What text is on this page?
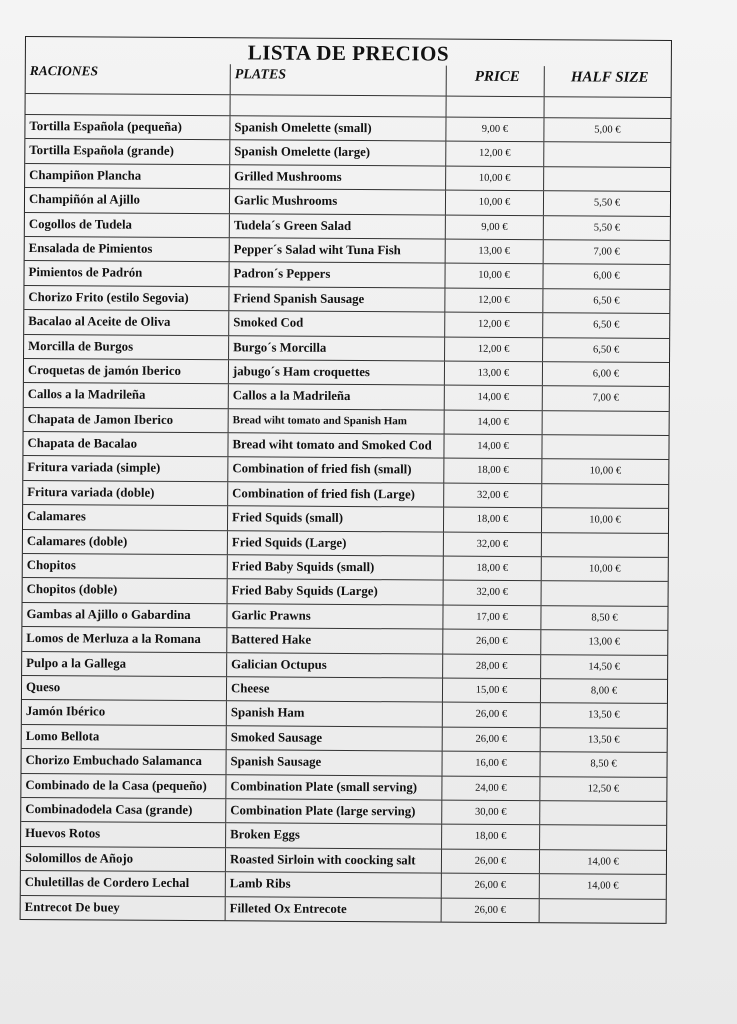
LISTA DE PRECIOS
RACIONES	PLATES	PRICE	HALF SIZE
Tortilla Española (pequeña)	Spanish Omelette (small)	9,00 €	5,00 €
Tortilla Española (grande)	Spanish Omelette (large)	12,00 €
Champiñon Plancha	Grilled Mushrooms	10,00 €
Champiñón al Ajillo	Garlic Mushrooms	10,00 €	5,50 €
Cogollos de Tudela	Tudela´s Green Salad	9,00 €	5,50 €
Ensalada de Pimientos	Pepper´s Salad wiht Tuna Fish	13,00 €	7,00 €
Pimientos de Padrón	Padron´s Peppers	10,00 €	6,00 €
Chorizo Frito (estilo Segovia)	Friend Spanish Sausage	12,00 €	6,50 €
Bacalao al Aceite de Oliva	Smoked Cod	12,00 €	6,50 €
Morcilla de Burgos	Burgo´s Morcilla	12,00 €	6,50 €
Croquetas de jamón Iberico	jabugo´s Ham croquettes	13,00 €	6,00 €
Callos a la Madrileña	Callos a la Madrileña	14,00 €	7,00 €
Chapata de Jamon Iberico	Bread wiht tomato and Spanish Ham	14,00 €
Chapata de Bacalao	Bread wiht tomato and Smoked Cod	14,00 €
Fritura variada (simple)	Combination of fried fish (small)	18,00 €	10,00 €
Fritura variada (doble)	Combination of fried fish (Large)	32,00 €
Calamares	Fried Squids (small)	18,00 €	10,00 €
Calamares (doble)	Fried Squids (Large)	32,00 €
Chopitos	Fried Baby Squids (small)	18,00 €	10,00 €
Chopitos (doble)	Fried Baby Squids (Large)	32,00 €
Gambas al Ajillo o Gabardina	Garlic Prawns	17,00 €	8,50 €
Lomos de Merluza a la Romana	Battered Hake	26,00 €	13,00 €
Pulpo a la Gallega	Galician Octupus	28,00 €	14,50 €
Queso	Cheese	15,00 €	8,00 €
Jamón Ibérico	Spanish Ham	26,00 €	13,50 €
Lomo Bellota	Smoked Sausage	26,00 €	13,50 €
Chorizo Embuchado Salamanca	Spanish Sausage	16,00 €	8,50 €
Combinado de la Casa (pequeño)	Combination Plate (small serving)	24,00 €	12,50 €
Combinadodela Casa (grande)	Combination Plate (large serving)	30,00 €
Huevos Rotos	Broken Eggs	18,00 €
Solomillos de Añojo	Roasted Sirloin with coocking salt	26,00 €	14,00 €
Chuletillas de Cordero Lechal	Lamb Ribs	26,00 €	14,00 €
Entrecot De buey	Filleted Ox Entrecote	26,00 €
